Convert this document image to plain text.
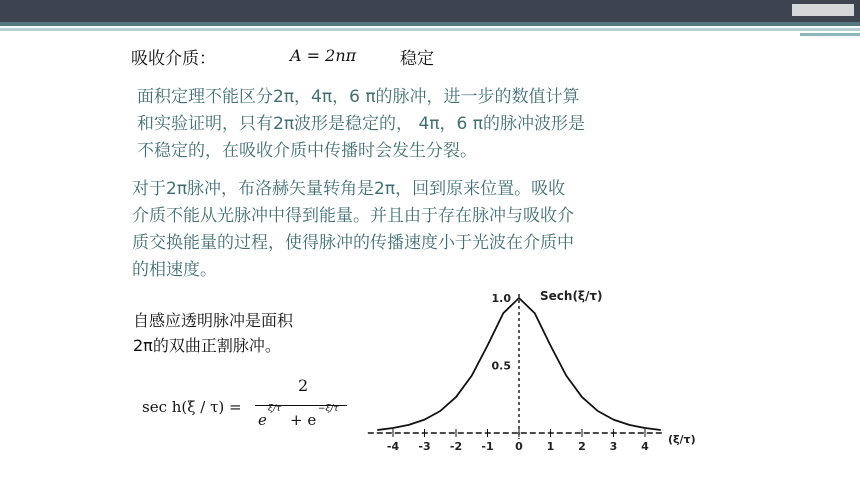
吸收介质：	A = 2nπ	稳定
面积定理不能区分2π，4π，6 π的脉冲，进一步的数值计算
和实验证明，只有2π波形是稳定的， 4π，6 π的脉冲波形是
不稳定的，在吸收介质中传播时会发生分裂。
对于2π脉冲，布洛赫矢量转角是2π，回到原来位置。吸收
介质不能从光脉冲中得到能量。并且由于存在脉冲与吸收介
质交换能量的过程，使得脉冲的传播速度小于光波在介质中
的相速度。
自感应透明脉冲是面积
2π的双曲正割脉冲。
sec h(ξ / τ) =
2
e
ξ/τ
+ e
−ξ/τ
-4 -3 -2 -1 0 1 2 3 4
1.0
0.5
Sech(ξ/τ)
(ξ/τ)
